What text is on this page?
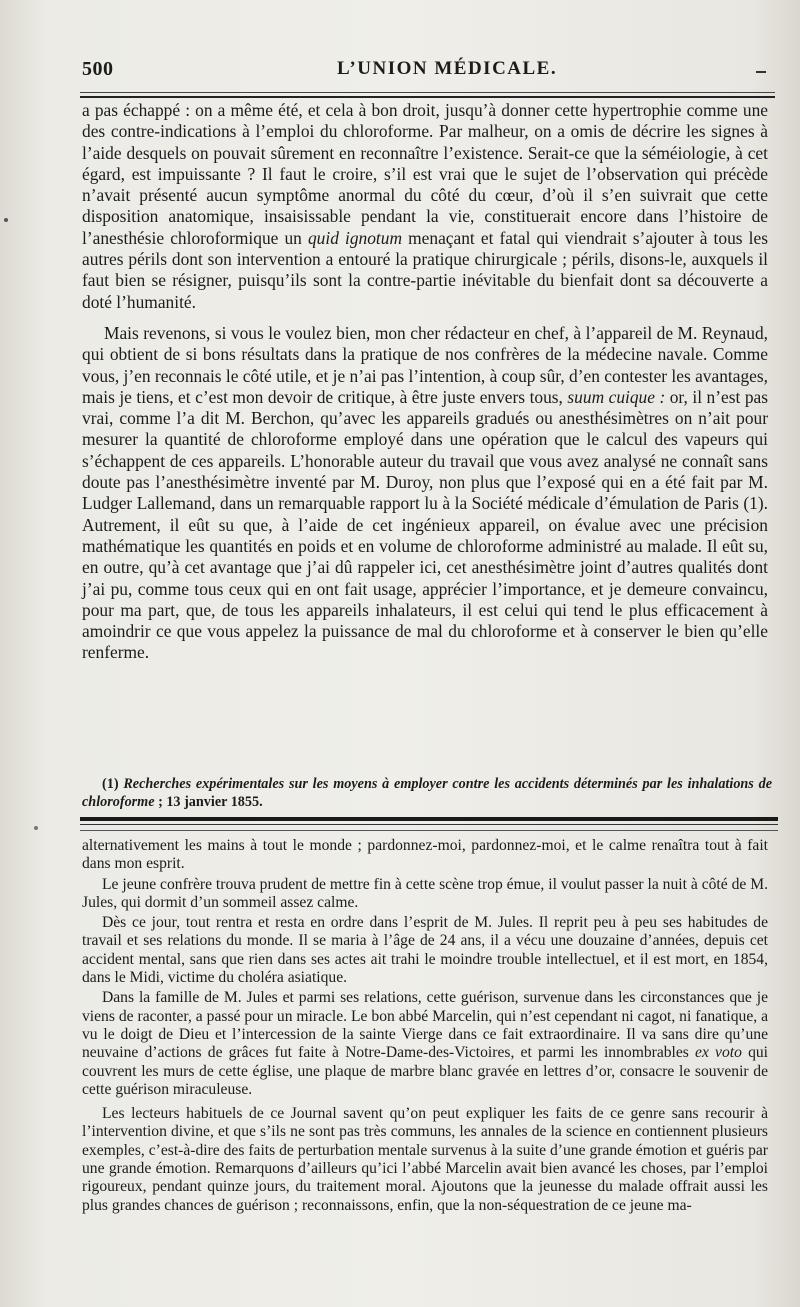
500	L’UNION MÉDICALE.

a pas échappé : on a même été, et cela à bon droit, jusqu’à donner cette hypertrophie comme une des contre-indications à l’emploi du chloroforme. Par malheur, on a omis de décrire les signes à l’aide desquels on pouvait sûrement en reconnaître l’existence. Serait-ce que la séméiologie, à cet égard, est impuissante ? Il faut le croire, s’il est vrai que le sujet de l’observation qui précède n’avait présenté aucun symptôme anormal du côté du cœur, d’où il s’en suivrait que cette disposition anatomique, insaisissable pendant la vie, constituerait encore dans l’histoire de l’anesthésie chloroformique un quid ignotum menaçant et fatal qui viendrait s’ajouter à tous les autres périls dont son intervention a entouré la pratique chirurgicale ; périls, disons-le, auxquels il faut bien se résigner, puisqu’ils sont la contre-partie inévitable du bienfait dont sa découverte a doté l’humanité.

Mais revenons, si vous le voulez bien, mon cher rédacteur en chef, à l’appareil de M. Reynaud, qui obtient de si bons résultats dans la pratique de nos confrères de la médecine navale. Comme vous, j’en reconnais le côté utile, et je n’ai pas l’intention, à coup sûr, d’en contester les avantages, mais je tiens, et c’est mon devoir de critique, à être juste envers tous, suum cuique : or, il n’est pas vrai, comme l’a dit M. Berchon, qu’avec les appareils gradués ou anesthésimètres on n’ait pour mesurer la quantité de chloroforme employé dans une opération que le calcul des vapeurs qui s’échappent de ces appareils. L’honorable auteur du travail que vous avez analysé ne connaît sans doute pas l’anesthésimètre inventé par M. Duroy, non plus que l’exposé qui en a été fait par M. Ludger Lallemand, dans un remarquable rapport lu à la Société médicale d’émulation de Paris (1). Autrement, il eût su que, à l’aide de cet ingénieux appareil, on évalue avec une précision mathématique les quantités en poids et en volume de chloroforme administré au malade. Il eût su, en outre, qu’à cet avantage que j’ai dû rappeler ici, cet anesthésimètre joint d’autres qualités dont j’ai pu, comme tous ceux qui en ont fait usage, apprécier l’importance, et je demeure convaincu, pour ma part, que, de tous les appareils inhalateurs, il est celui qui tend le plus efficacement à amoindrir ce que vous appelez la puissance de mal du chloroforme et à conserver le bien qu’elle renferme.

(1) Recherches expérimentales sur les moyens à employer contre les accidents déterminés par les inhalations de chloroforme ; 13 janvier 1855.

alternativement les mains à tout le monde ; pardonnez-moi, pardonnez-moi, et le calme renaîtra tout à fait dans mon esprit.

Le jeune confrère trouva prudent de mettre fin à cette scène trop émue, il voulut passer la nuit à côté de M. Jules, qui dormit d’un sommeil assez calme.

Dès ce jour, tout rentra et resta en ordre dans l’esprit de M. Jules. Il reprit peu à peu ses habitudes de travail et ses relations du monde. Il se maria à l’âge de 24 ans, il a vécu une douzaine d’années, depuis cet accident mental, sans que rien dans ses actes ait trahi le moindre trouble intellectuel, et il est mort, en 1854, dans le Midi, victime du choléra asiatique.

Dans la famille de M. Jules et parmi ses relations, cette guérison, survenue dans les circonstances que je viens de raconter, a passé pour un miracle. Le bon abbé Marcelin, qui n’est cependant ni cagot, ni fanatique, a vu le doigt de Dieu et l’intercession de la sainte Vierge dans ce fait extraordinaire. Il va sans dire qu’une neuvaine d’actions de grâces fut faite à Notre-Dame-des-Victoires, et parmi les innombrables ex voto qui couvrent les murs de cette église, une plaque de marbre blanc gravée en lettres d’or, consacre le souvenir de cette guérison miraculeuse.

Les lecteurs habituels de ce Journal savent qu’on peut expliquer les faits de ce genre sans recourir à l’intervention divine, et que s’ils ne sont pas très communs, les annales de la science en contiennent plusieurs exemples, c’est-à-dire des faits de perturbation mentale survenus à la suite d’une grande émotion et guéris par une grande émotion. Remarquons d’ailleurs qu’ici l’abbé Marcelin avait bien avancé les choses, par l’emploi rigoureux, pendant quinze jours, du traitement moral. Ajoutons que la jeunesse du malade offrait aussi les plus grandes chances de guérison ; reconnaissons, enfin, que la non-séquestration de ce jeune ma-
